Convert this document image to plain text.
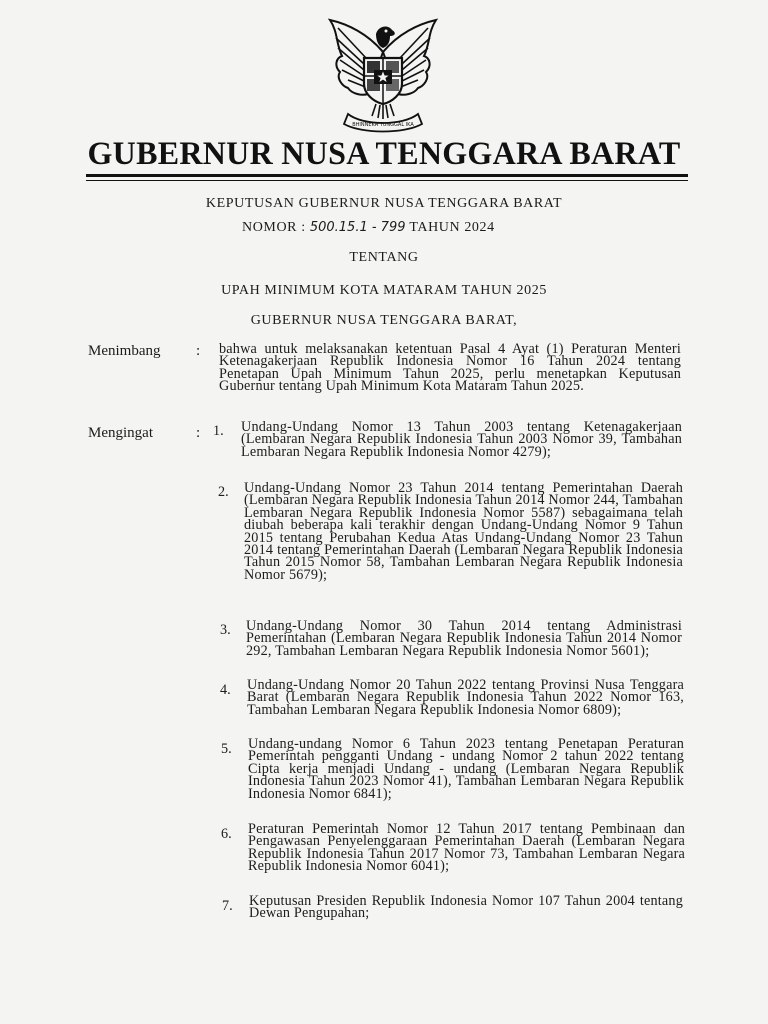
BHINNEKA TUNGGAL IKA
GUBERNUR NUSA TENGGARA BARAT
KEPUTUSAN GUBERNUR NUSA TENGGARA BARAT
NOMOR : 500.15.1 - 799 TAHUN 2024
TENTANG
UPAH MINIMUM KOTA MATARAM TAHUN 2025
GUBERNUR NUSA TENGGARA BARAT,
Menimbang : bahwa untuk melaksanakan ketentuan Pasal 4 Ayat (1) Peraturan Menteri Ketenagakerjaan Republik Indonesia Nomor 16 Tahun 2024 tentang Penetapan Upah Minimum Tahun 2025, perlu menetapkan Keputusan Gubernur tentang Upah Minimum Kota Mataram Tahun 2025.
Mengingat	: 1. Undang-Undang Nomor 13 Tahun 2003 tentang Ketenagakerjaan (Lembaran Negara Republik Indonesia Tahun 2003 Nomor 39, Tambahan Lembaran Negara Republik Indonesia Nomor 4279);
2. Undang-Undang Nomor 23 Tahun 2014 tentang Pemerintahan Daerah (Lembaran Negara Republik Indonesia Tahun 2014 Nomor 244, Tambahan Lembaran Negara Republik Indonesia Nomor 5587) sebagaimana telah diubah beberapa kali terakhir dengan Undang-Undang Nomor 9 Tahun 2015 tentang Perubahan Kedua Atas Undang-Undang Nomor 23 Tahun 2014 tentang Pemerintahan Daerah (Lembaran Negara Republik Indonesia Tahun 2015 Nomor 58, Tambahan Lembaran Negara Republik Indonesia Nomor 5679);
3. Undang-Undang Nomor 30 Tahun 2014 tentang Administrasi Pemerintahan (Lembaran Negara Republik Indonesia Tahun 2014 Nomor 292, Tambahan Lembaran Negara Republik Indonesia Nomor 5601);
4. Undang-Undang Nomor 20 Tahun 2022 tentang Provinsi Nusa Tenggara Barat (Lembaran Negara Republik Indonesia Tahun 2022 Nomor 163, Tambahan Lembaran Negara Republik Indonesia Nomor 6809);
5. Undang-undang Nomor 6 Tahun 2023 tentang Penetapan Peraturan Pemerintah pengganti Undang - undang Nomor 2 tahun 2022 tentang Cipta kerja menjadi Undang - undang (Lembaran Negara Republik Indonesia Tahun 2023 Nomor 41), Tambahan Lembaran Negara Republik Indonesia Nomor 6841);
6. Peraturan Pemerintah Nomor 12 Tahun 2017 tentang Pembinaan dan Pengawasan Penyelenggaraan Pemerintahan Daerah (Lembaran Negara Republik Indonesia Tahun 2017 Nomor 73, Tambahan Lembaran Negara Republik Indonesia Nomor 6041);
7. Keputusan Presiden Republik Indonesia Nomor 107 Tahun 2004 tentang Dewan Pengupahan;
